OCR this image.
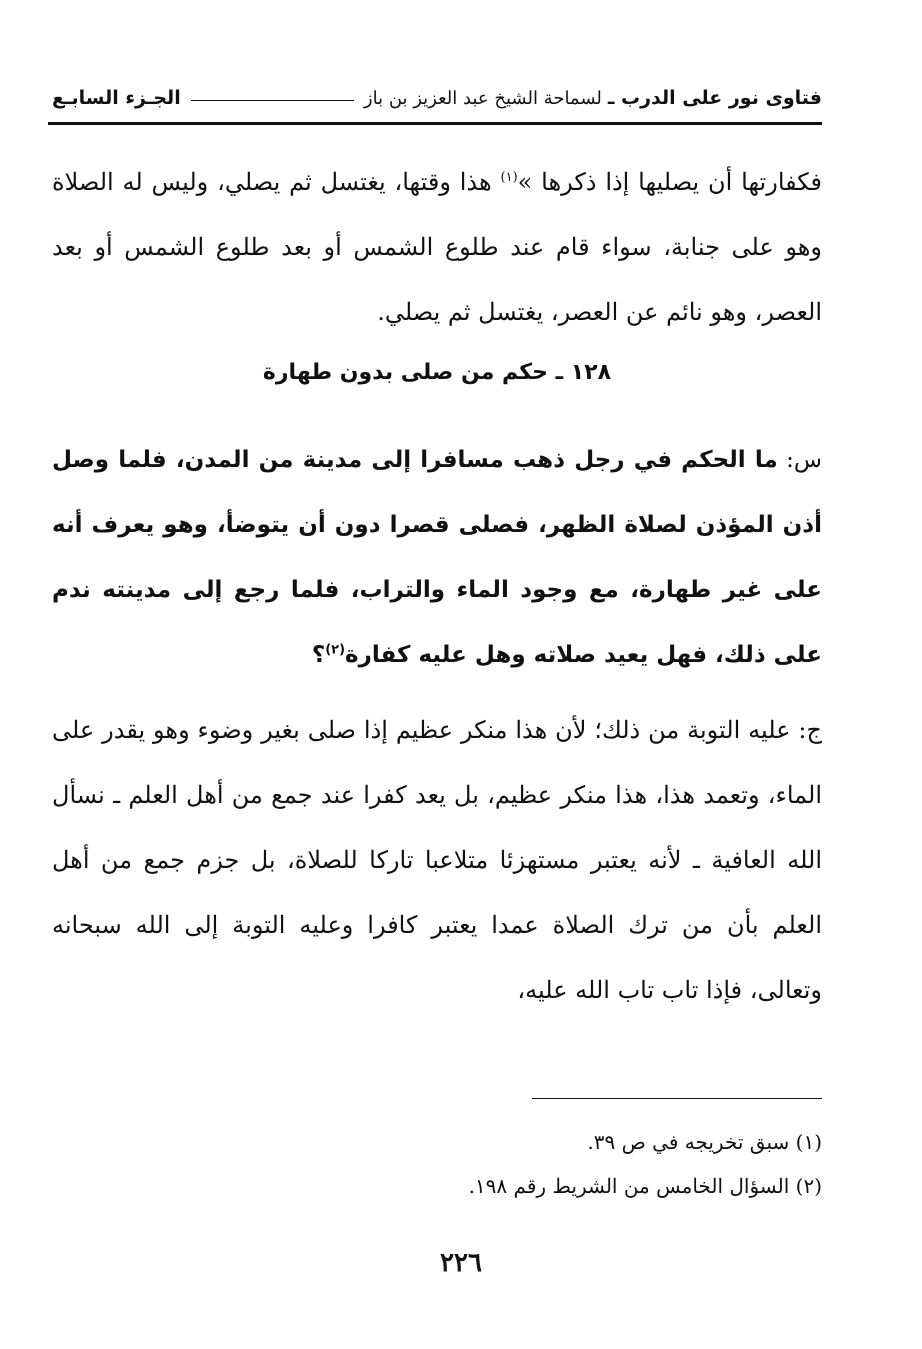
فتاوى نور على الدرب ـ
لسماحة الشيخ عبد العزيز بن باز
الجـزء السابـع

فكفارتها أن يصليها إذا ذكرها »$^{(١)}$ هذا وقتها، يغتسل ثم يصلي، وليس له الصلاة وهو على جنابة، سواء قام عند طلوع الشمس أو بعد طلوع الشمس أو بعد العصر، وهو نائم عن العصر، يغتسل ثم يصلي.

١٢٨ ـ حكم من صلى بدون طهارة

س: ما الحكم في رجل ذهب مسافرا إلى مدينة من المدن، فلما وصل أذن المؤذن لصلاة الظهر، فصلى قصرا دون أن يتوضأ، وهو يعرف أنه على غير طهارة، مع وجود الماء والتراب، فلما رجع إلى مدينته ندم على ذلك، فهل يعيد صلاته وهل عليه كفارة$^{(٢)}$؟

ج: عليه التوبة من ذلك؛ لأن هذا منكر عظيم إذا صلى بغير وضوء وهو يقدر على الماء، وتعمد هذا، هذا منكر عظيم، بل يعد كفرا عند جمع من أهل العلم ـ نسأل الله العافية ـ لأنه يعتبر مستهزئا متلاعبا تاركا للصلاة، بل جزم جمع من أهل العلم بأن من ترك الصلاة عمدا يعتبر كافرا وعليه التوبة إلى الله سبحانه وتعالى، فإذا تاب تاب الله عليه،

(١) سبق تخريجه في ص ٣٩.

(٢) السؤال الخامس من الشريط رقم ١٩٨.

٢٢٦
